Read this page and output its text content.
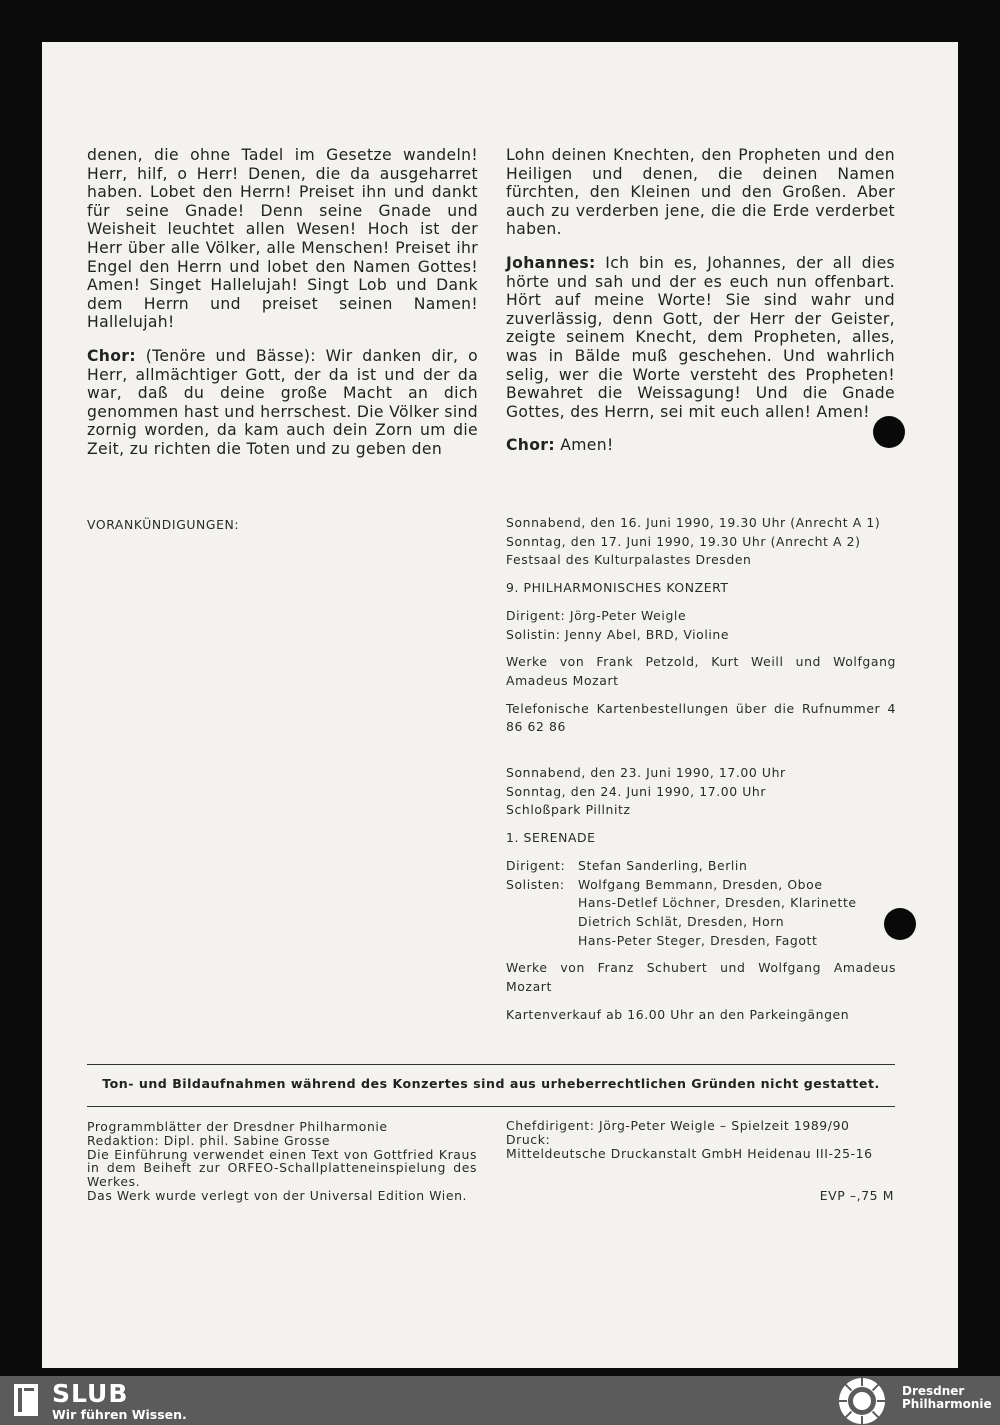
denen, die ohne Tadel im Gesetze wandeln! Herr, hilf, o Herr! Denen, die da ausgeharret haben. Lobet den Herrn! Preiset ihn und dankt für seine Gnade! Denn seine Gnade und Weisheit leuchtet allen Wesen! Hoch ist der Herr über alle Völker, alle Menschen! Preiset ihr Engel den Herrn und lobet den Namen Gottes! Amen! Singet Hallelujah! Singt Lob und Dank dem Herrn und preiset seinen Namen! Hallelujah!

Chor: (Tenöre und Bässe): Wir danken dir, o Herr, allmächtiger Gott, der da ist und der da war, daß du deine große Macht an dich genommen hast und herrschest. Die Völker sind zornig worden, da kam auch dein Zorn um die Zeit, zu richten die Toten und zu geben den

Lohn deinen Knechten, den Propheten und den Heiligen und denen, die deinen Namen fürchten, den Kleinen und den Großen. Aber auch zu verderben jene, die die Erde verderbet haben.

Johannes: Ich bin es, Johannes, der all dies hörte und sah und der es euch nun offenbart. Hört auf meine Worte! Sie sind wahr und zuverlässig, denn Gott, der Herr der Geister, zeigte seinem Knecht, dem Propheten, alles, was in Bälde muß geschehen. Und wahrlich selig, wer die Worte versteht des Propheten! Bewahret die Weissagung! Und die Gnade Gottes, des Herrn, sei mit euch allen! Amen!

Chor: Amen!

VORANKÜNDIGUNGEN:	Sonnabend, den 16. Juni 1990, 19.30 Uhr (Anrecht A 1)
Sonntag, den 17. Juni 1990, 19.30 Uhr (Anrecht A 2)
Festsaal des Kulturpalastes Dresden
9. PHILHARMONISCHES KONZERT
Dirigent: Jörg-Peter Weigle
Solistin: Jenny Abel, BRD, Violine
Werke von Frank Petzold, Kurt Weill und Wolfgang Amadeus Mozart
Telefonische Kartenbestellungen über die Rufnummer 4 86 62 86
Sonnabend, den 23. Juni 1990, 17.00 Uhr
Sonntag, den 24. Juni 1990, 17.00 Uhr
Schloßpark Pillnitz
1. SERENADE
Dirigent:	Stefan Sanderling, Berlin
Solisten:	Wolfgang Bemmann, Dresden, Oboe
Hans-Detlef Löchner, Dresden, Klarinette
Dietrich Schlät, Dresden, Horn
Hans-Peter Steger, Dresden, Fagott
Werke von Franz Schubert und Wolfgang Amadeus Mozart
Kartenverkauf ab 16.00 Uhr an den Parkeingängen
Ton- und Bildaufnahmen während des Konzertes sind aus urheberrechtlichen Gründen nicht gestattet.
Programmblätter der Dresdner Philharmonie
Redaktion: Dipl. phil. Sabine Grosse
Die Einführung verwendet einen Text von Gottfried Kraus in dem Beiheft zur ORFEO-Schallplatteneinspielung des Werkes.
Das Werk wurde verlegt von der Universal Edition Wien.
Chefdirigent: Jörg-Peter Weigle – Spielzeit 1989/90
Druck:
Mitteldeutsche Druckanstalt GmbH Heidenau III-25-16
EVP –,75 M
SLUB
Wir führen Wissen.
Dresdner
Philharmonie
